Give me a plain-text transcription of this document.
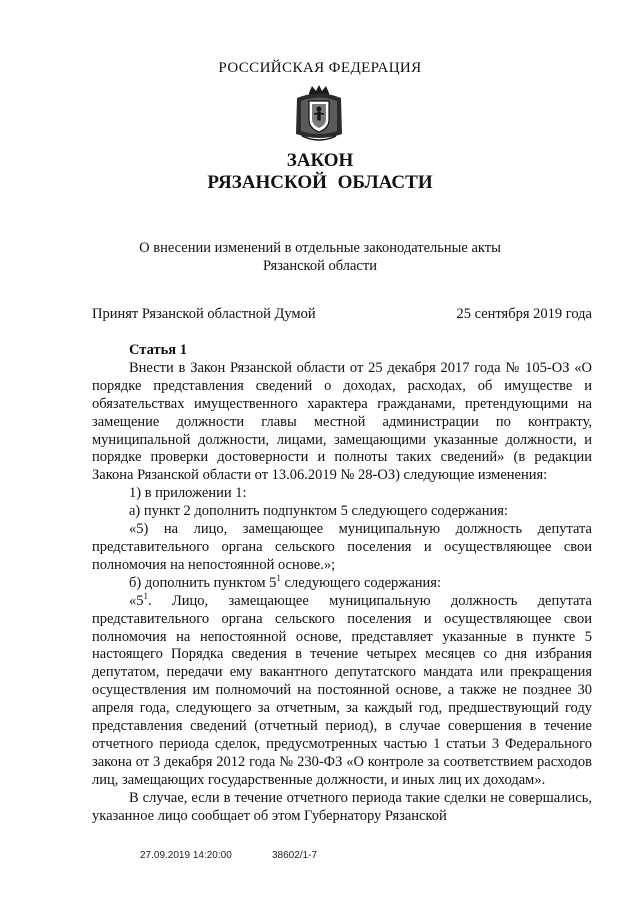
РОССИЙСКАЯ ФЕДЕРАЦИЯ
ЗАКОН
РЯЗАНСКОЙ ОБЛАСТИ
О внесении изменений в отдельные законодательные акты
Рязанской области
Принят Рязанской областной Думой	25 сентября 2019 года

Статья 1

Внести в Закон Рязанской области от 25 декабря 2017 года № 105-ОЗ «О порядке представления сведений о доходах, расходах, об имуществе и обязательствах имущественного характера гражданами, претендующими на замещение должности главы местной администрации по контракту, муниципальной должности, лицами, замещающими указанные должности, и порядке проверки достоверности и полноты таких сведений» (в редакции Закона Рязанской области от 13.06.2019 № 28-ОЗ) следующие изменения:

1) в приложении 1:

а) пункт 2 дополнить подпунктом 5 следующего содержания:

«5) на лицо, замещающее муниципальную должность депутата представительного органа сельского поселения и осуществляющее свои полномочия на непостоянной основе.»;

б) дополнить пунктом $5^1$ следующего содержания:

«$5^1$. Лицо, замещающее муниципальную должность депутата представительного органа сельского поселения и осуществляющее свои полномочия на непостоянной основе, представляет указанные в пункте 5 настоящего Порядка сведения в течение четырех месяцев со дня избрания депутатом, передачи ему вакантного депутатского мандата или прекращения осуществления им полномочий на постоянной основе, а также не позднее 30 апреля года, следующего за отчетным, за каждый год, предшествующий году представления сведений (отчетный период), в случае совершения в течение отчетного периода сделок, предусмотренных частью 1 статьи 3 Федерального закона от 3 декабря 2012 года № 230-ФЗ «О контроле за соответствием расходов лиц, замещающих государственные должности, и иных лиц их доходам».

В случае, если в течение отчетного периода такие сделки не совершались, указанное лицо сообщает об этом Губернатору Рязанской

27.09.2019 14:20:00	38602/1-7
